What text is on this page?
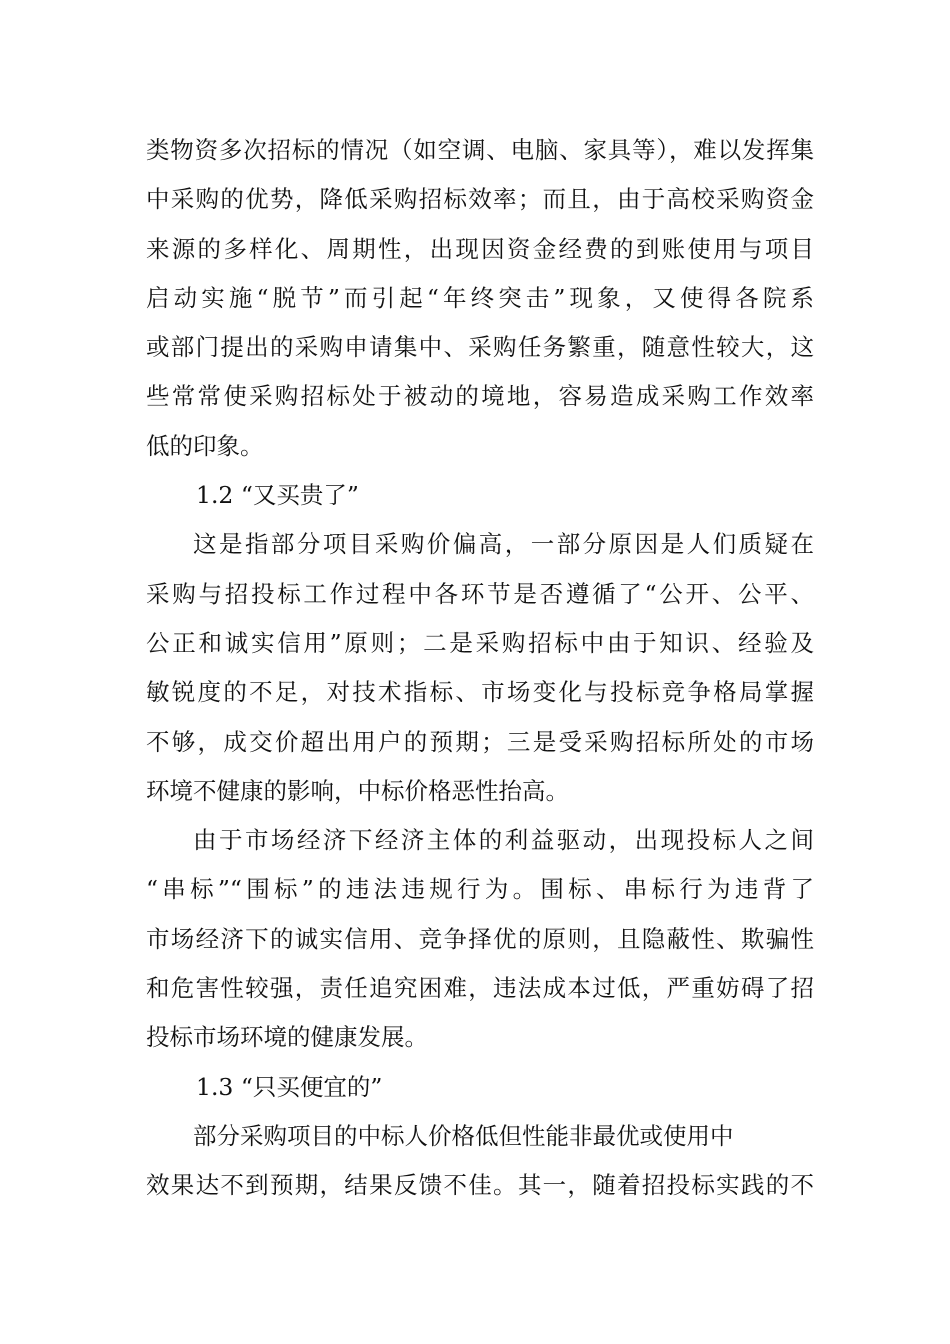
类物资多次招标的情况（如空调、电脑、家具等），难以发挥集
中采购的优势，降低采购招标效率；而且，由于高校采购资金
来源的多样化、周期性，出现因资金经费的到账使用与项目
启动实施“脱节”而引起“年终突击”现象，又使得各院系
或部门提出的采购申请集中、采购任务繁重，随意性较大，这
些常常使采购招标处于被动的境地，容易造成采购工作效率
低的印象。
1.2 “又买贵了”
这是指部分项目采购价偏高，一部分原因是人们质疑在
采购与招投标工作过程中各环节是否遵循了“公开、公平、
公正和诚实信用”原则；二是采购招标中由于知识、经验及
敏锐度的不足，对技术指标、市场变化与投标竞争格局掌握
不够，成交价超出用户的预期；三是受采购招标所处的市场
环境不健康的影响，中标价格恶性抬高。
由于市场经济下经济主体的利益驱动，出现投标人之间
“串标”“围标”的违法违规行为。围标、串标行为违背了
市场经济下的诚实信用、竞争择优的原则，且隐蔽性、欺骗性
和危害性较强，责任追究困难，违法成本过低，严重妨碍了招
投标市场环境的健康发展。
1.3 “只买便宜的”
部分采购项目的中标人价格低但性能非最优或使用中
效果达不到预期，结果反馈不佳。其一，随着招投标实践的不
